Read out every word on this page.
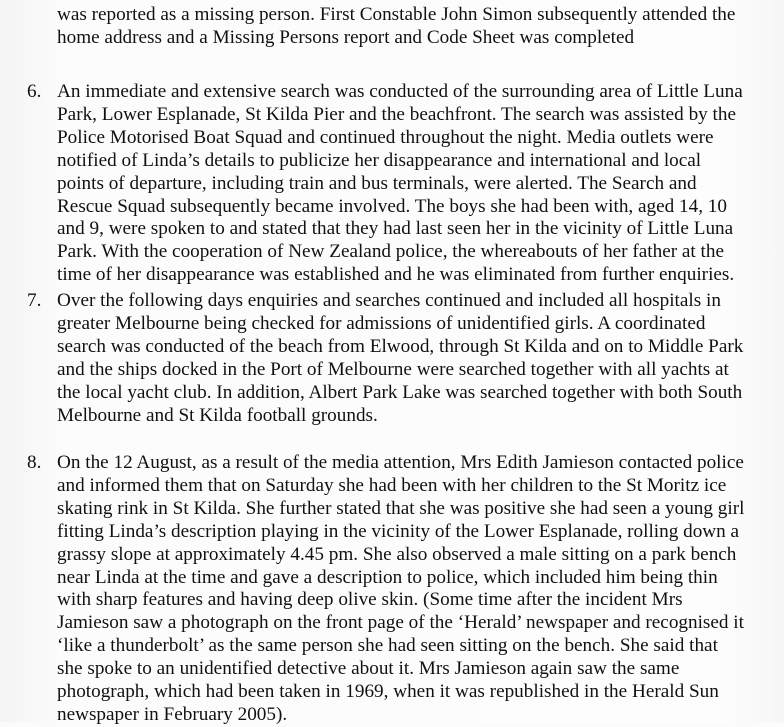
was reported as a missing person. First Constable John Simon subsequently attended the
home address and a Missing Persons report and Code Sheet was completed
6. An immediate and extensive search was conducted of the surrounding area of Little Luna
Park, Lower Esplanade, St Kilda Pier and the beachfront. The search was assisted by the
Police Motorised Boat Squad and continued throughout the night. Media outlets were
notified of Linda’s details to publicize her disappearance and international and local
points of departure, including train and bus terminals, were alerted. The Search and
Rescue Squad subsequently became involved. The boys she had been with, aged 14, 10
and 9, were spoken to and stated that they had last seen her in the vicinity of Little Luna
Park. With the cooperation of New Zealand police, the whereabouts of her father at the
time of her disappearance was established and he was eliminated from further enquiries.
7. Over the following days enquiries and searches continued and included all hospitals in
greater Melbourne being checked for admissions of unidentified girls. A coordinated
search was conducted of the beach from Elwood, through St Kilda and on to Middle Park
and the ships docked in the Port of Melbourne were searched together with all yachts at
the local yacht club. In addition, Albert Park Lake was searched together with both South
Melbourne and St Kilda football grounds.
8. On the 12 August, as a result of the media attention, Mrs Edith Jamieson contacted police
and informed them that on Saturday she had been with her children to the St Moritz ice
skating rink in St Kilda. She further stated that she was positive she had seen a young girl
fitting Linda’s description playing in the vicinity of the Lower Esplanade, rolling down a
grassy slope at approximately 4.45 pm. She also observed a male sitting on a park bench
near Linda at the time and gave a description to police, which included him being thin
with sharp features and having deep olive skin. (Some time after the incident Mrs
Jamieson saw a photograph on the front page of the ‘Herald’ newspaper and recognised it
‘like a thunderbolt’ as the same person she had seen sitting on the bench. She said that
she spoke to an unidentified detective about it. Mrs Jamieson again saw the same
photograph, which had been taken in 1969, when it was republished in the Herald Sun
newspaper in February 2005).
